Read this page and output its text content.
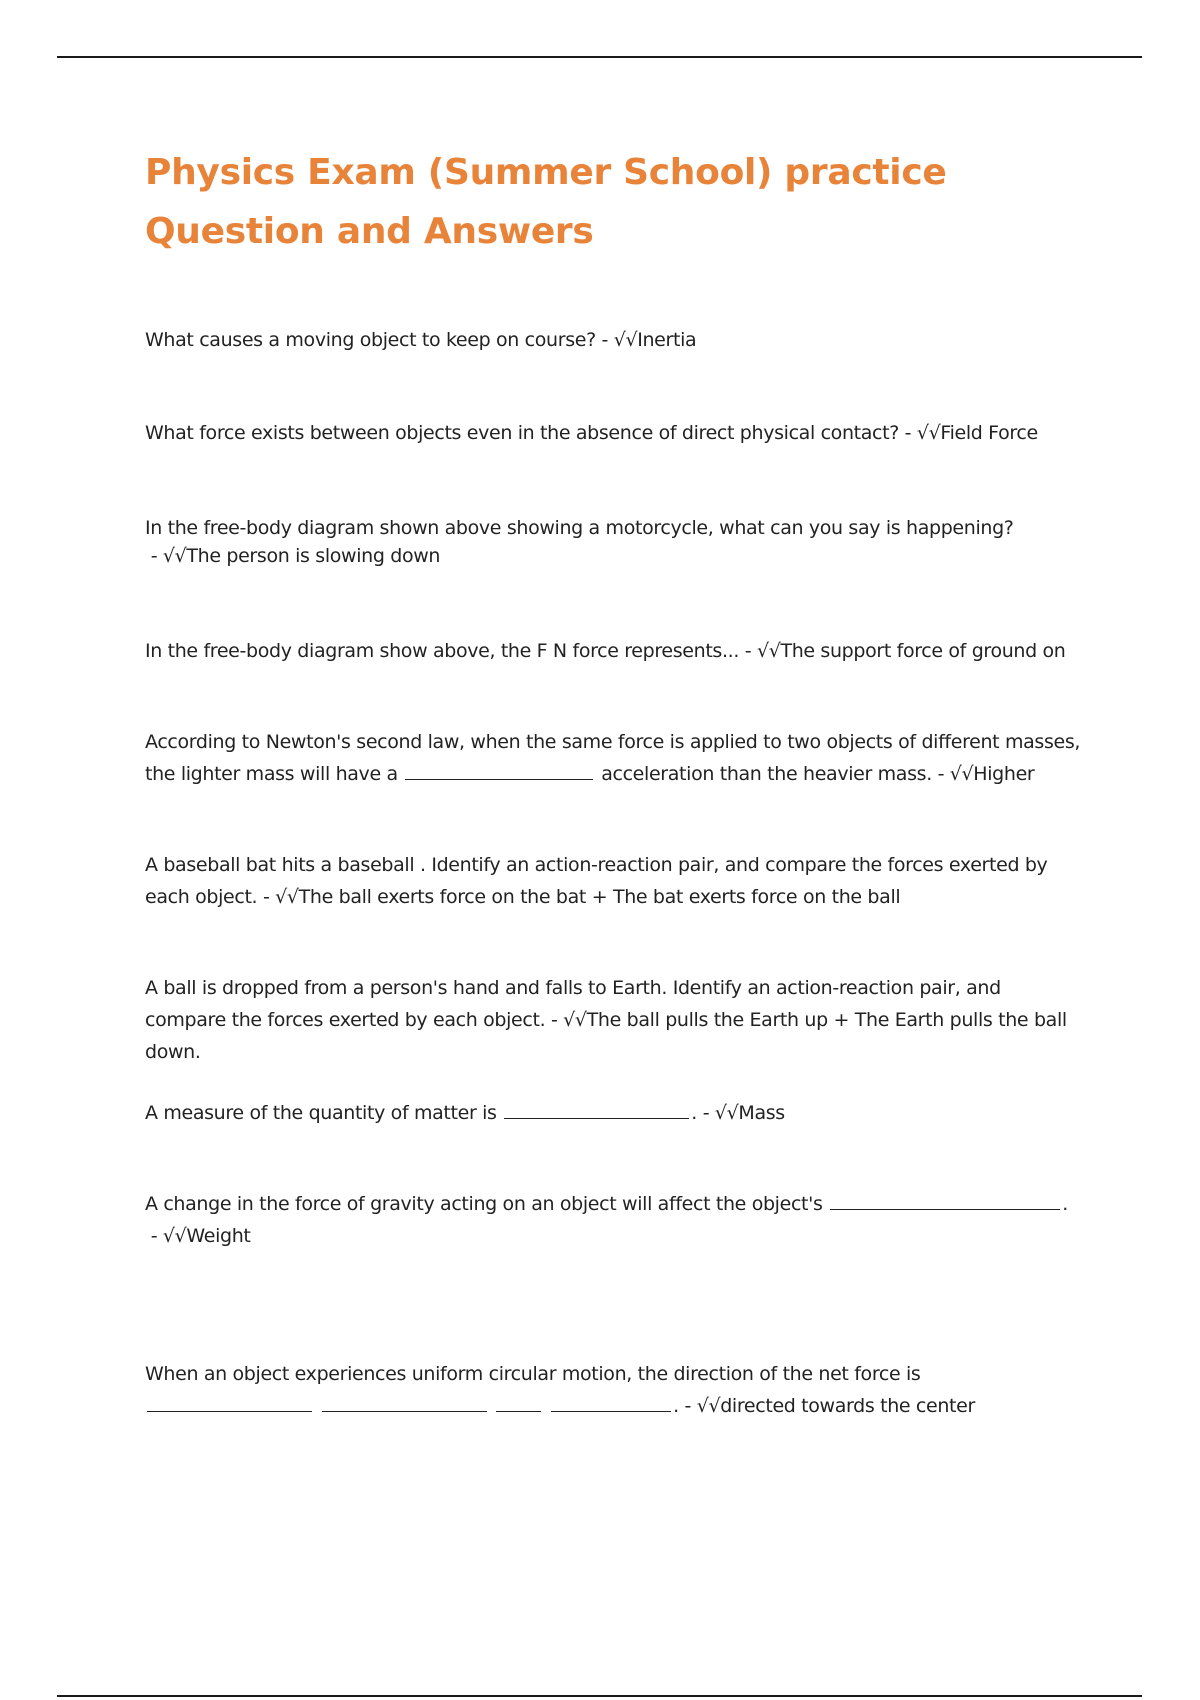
Physics Exam (Summer School) practice Question and Answers

What causes a moving object to keep on course? - √√Inertia

What force exists between objects even in the absence of direct physical contact? - √√Field Force

In the free-body diagram shown above showing a motorcycle, what can you say is happening? - √√The person is slowing down

In the free-body diagram show above, the F N force represents... - √√The support force of ground on

According to Newton's second law, when the same force is applied to two objects of different masses, the lighter mass will have a	acceleration than the heavier mass. - √√Higher

A baseball bat hits a baseball . Identify an action-reaction pair, and compare the forces exerted by each object. - √√The ball exerts force on the bat + The bat exerts force on the ball

A ball is dropped from a person's hand and falls to Earth. Identify an action-reaction pair, and compare the forces exerted by each object. - √√The ball pulls the Earth up + The Earth pulls the ball down.

A measure of the quantity of matter is	. - √√Mass

A change in the force of gravity acting on an object will affect the object's	. - √√Weight

When an object experiences uniform circular motion, the direction of the net force is    . - √√directed towards the center
